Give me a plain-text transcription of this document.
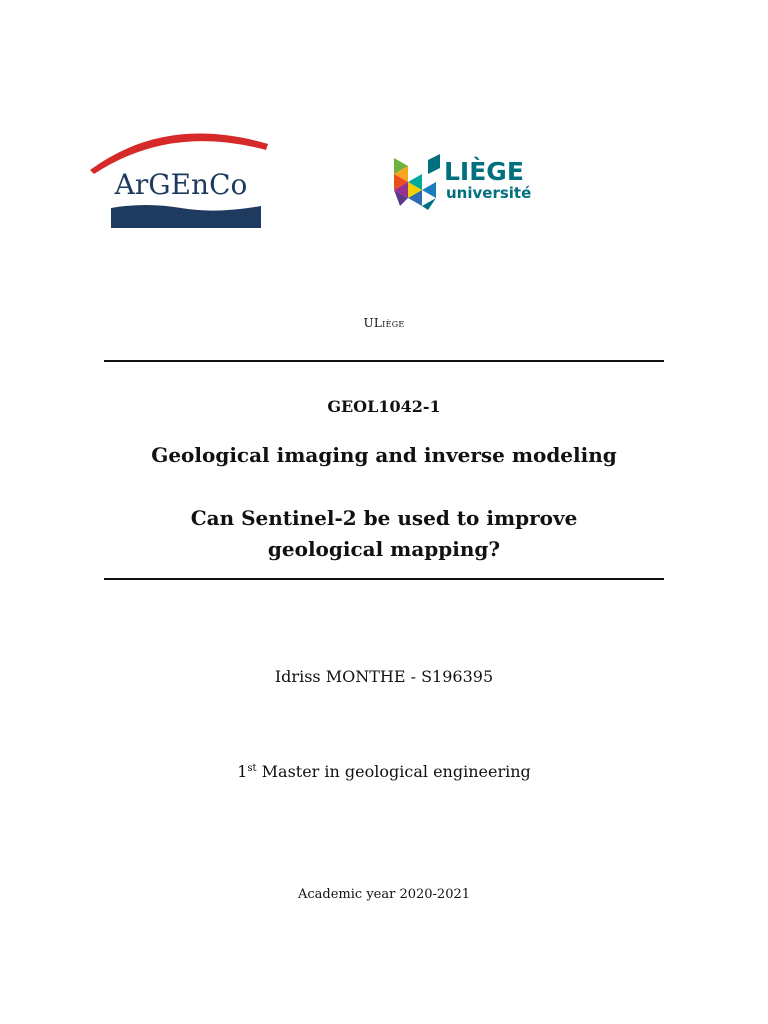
ArGEnCo	LIÈGE
université
ULiège
GEOL1042-1
Geological imaging and inverse modeling
Can Sentinel-2 be used to improve
geological mapping?
Idriss MONTHE - S196395
1st Master in geological engineering
Academic year 2020-2021
